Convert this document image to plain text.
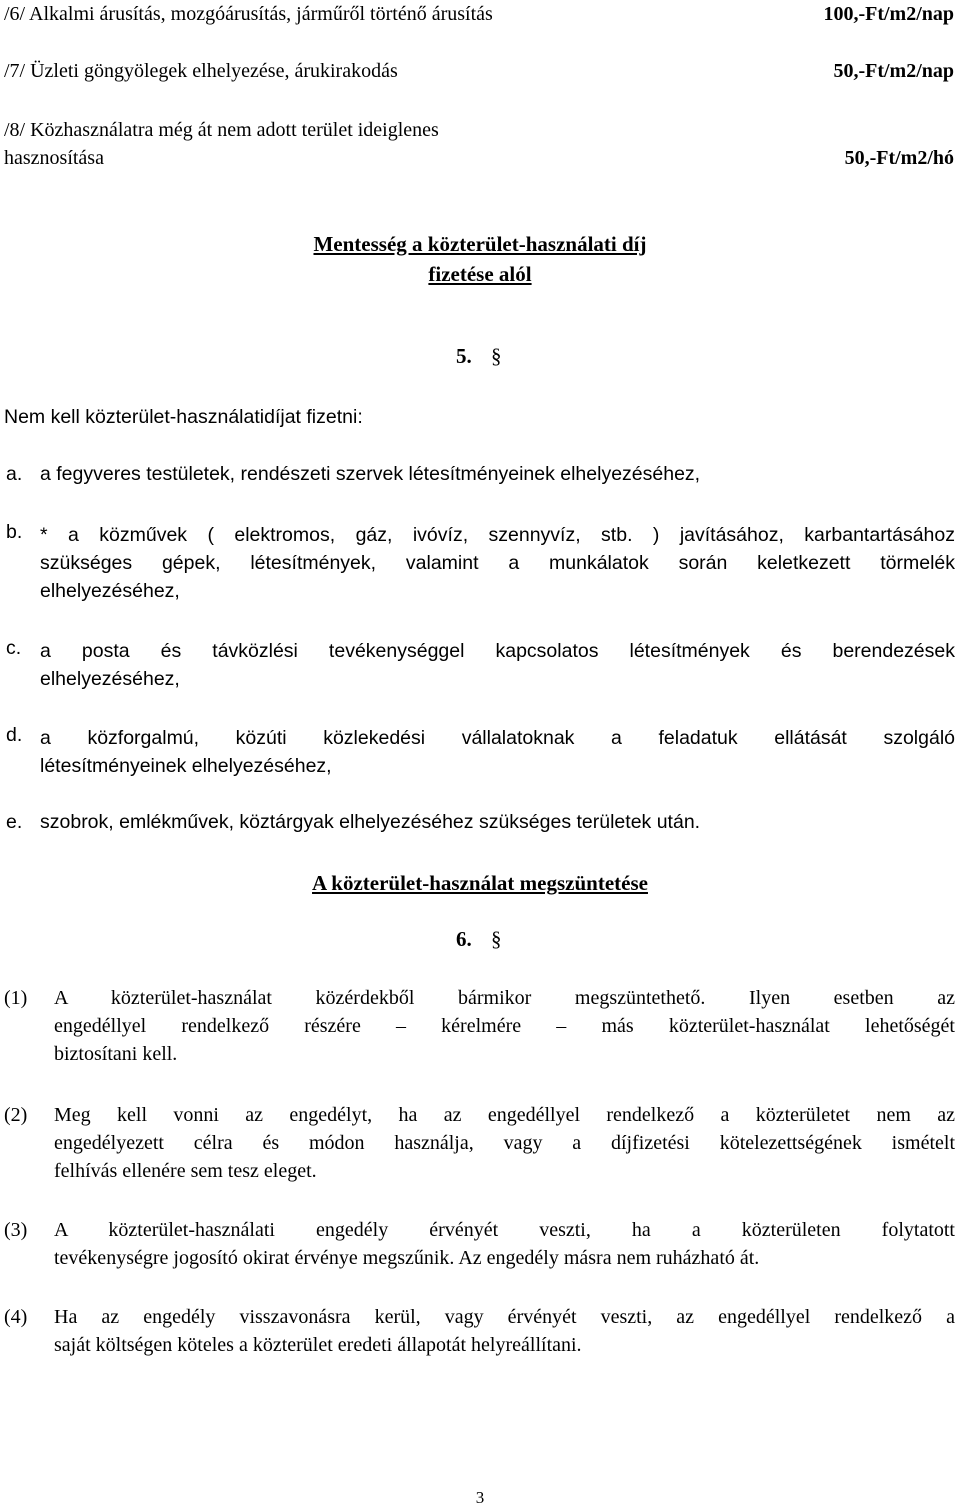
/6/ Alkalmi árusítás, mozgóárusítás, járműről történő árusítás	100,-Ft/m2/nap
/7/ Üzleti göngyölegek elhelyezése, árukirakodás	50,-Ft/m2/nap
/8/ Közhasználatra még át nem adott terület ideiglenes
hasznosítása	50,-Ft/m2/hó
Mentesség a közterület-használati díj
fizetése alól
5. §
Nem kell közterület-használatidíjat fizetni:
a. a fegyveres testületek, rendészeti szervek létesítményeinek elhelyezéséhez,
b. * a közművek ( elektromos, gáz, ivóvíz, szennyvíz, stb. ) javításához, karbantartásához
szükséges gépek, létesítmények, valamint a munkálatok során keletkezett törmelék
elhelyezéséhez,
c. a posta és távközlési tevékenységgel kapcsolatos létesítmények és berendezések
elhelyezéséhez,
d. a közforgalmú, közúti közlekedési vállalatoknak a feladatuk ellátását szolgáló
létesítményeinek elhelyezéséhez,
e. szobrok, emlékművek, köztárgyak elhelyezéséhez szükséges területek után.
A közterület-használat megszüntetése
6. §
(1) A közterület-használat közérdekből bármikor megszüntethető. Ilyen esetben az
engedéllyel rendelkező részére – kérelmére – más közterület-használat lehetőségét
biztosítani kell.
(2) Meg kell vonni az engedélyt, ha az engedéllyel rendelkező a közterületet nem az
engedélyezett célra és módon használja, vagy a díjfizetési kötelezettségének ismételt
felhívás ellenére sem tesz eleget.
(3) A közterület-használati engedély érvényét veszti, ha a közterületen folytatott
tevékenységre jogosító okirat érvénye megszűnik. Az engedély másra nem ruházható át.
(4) Ha az engedély visszavonásra kerül, vagy érvényét veszti, az engedéllyel rendelkező a
saját költségen köteles a közterület eredeti állapotát helyreállítani.
3
